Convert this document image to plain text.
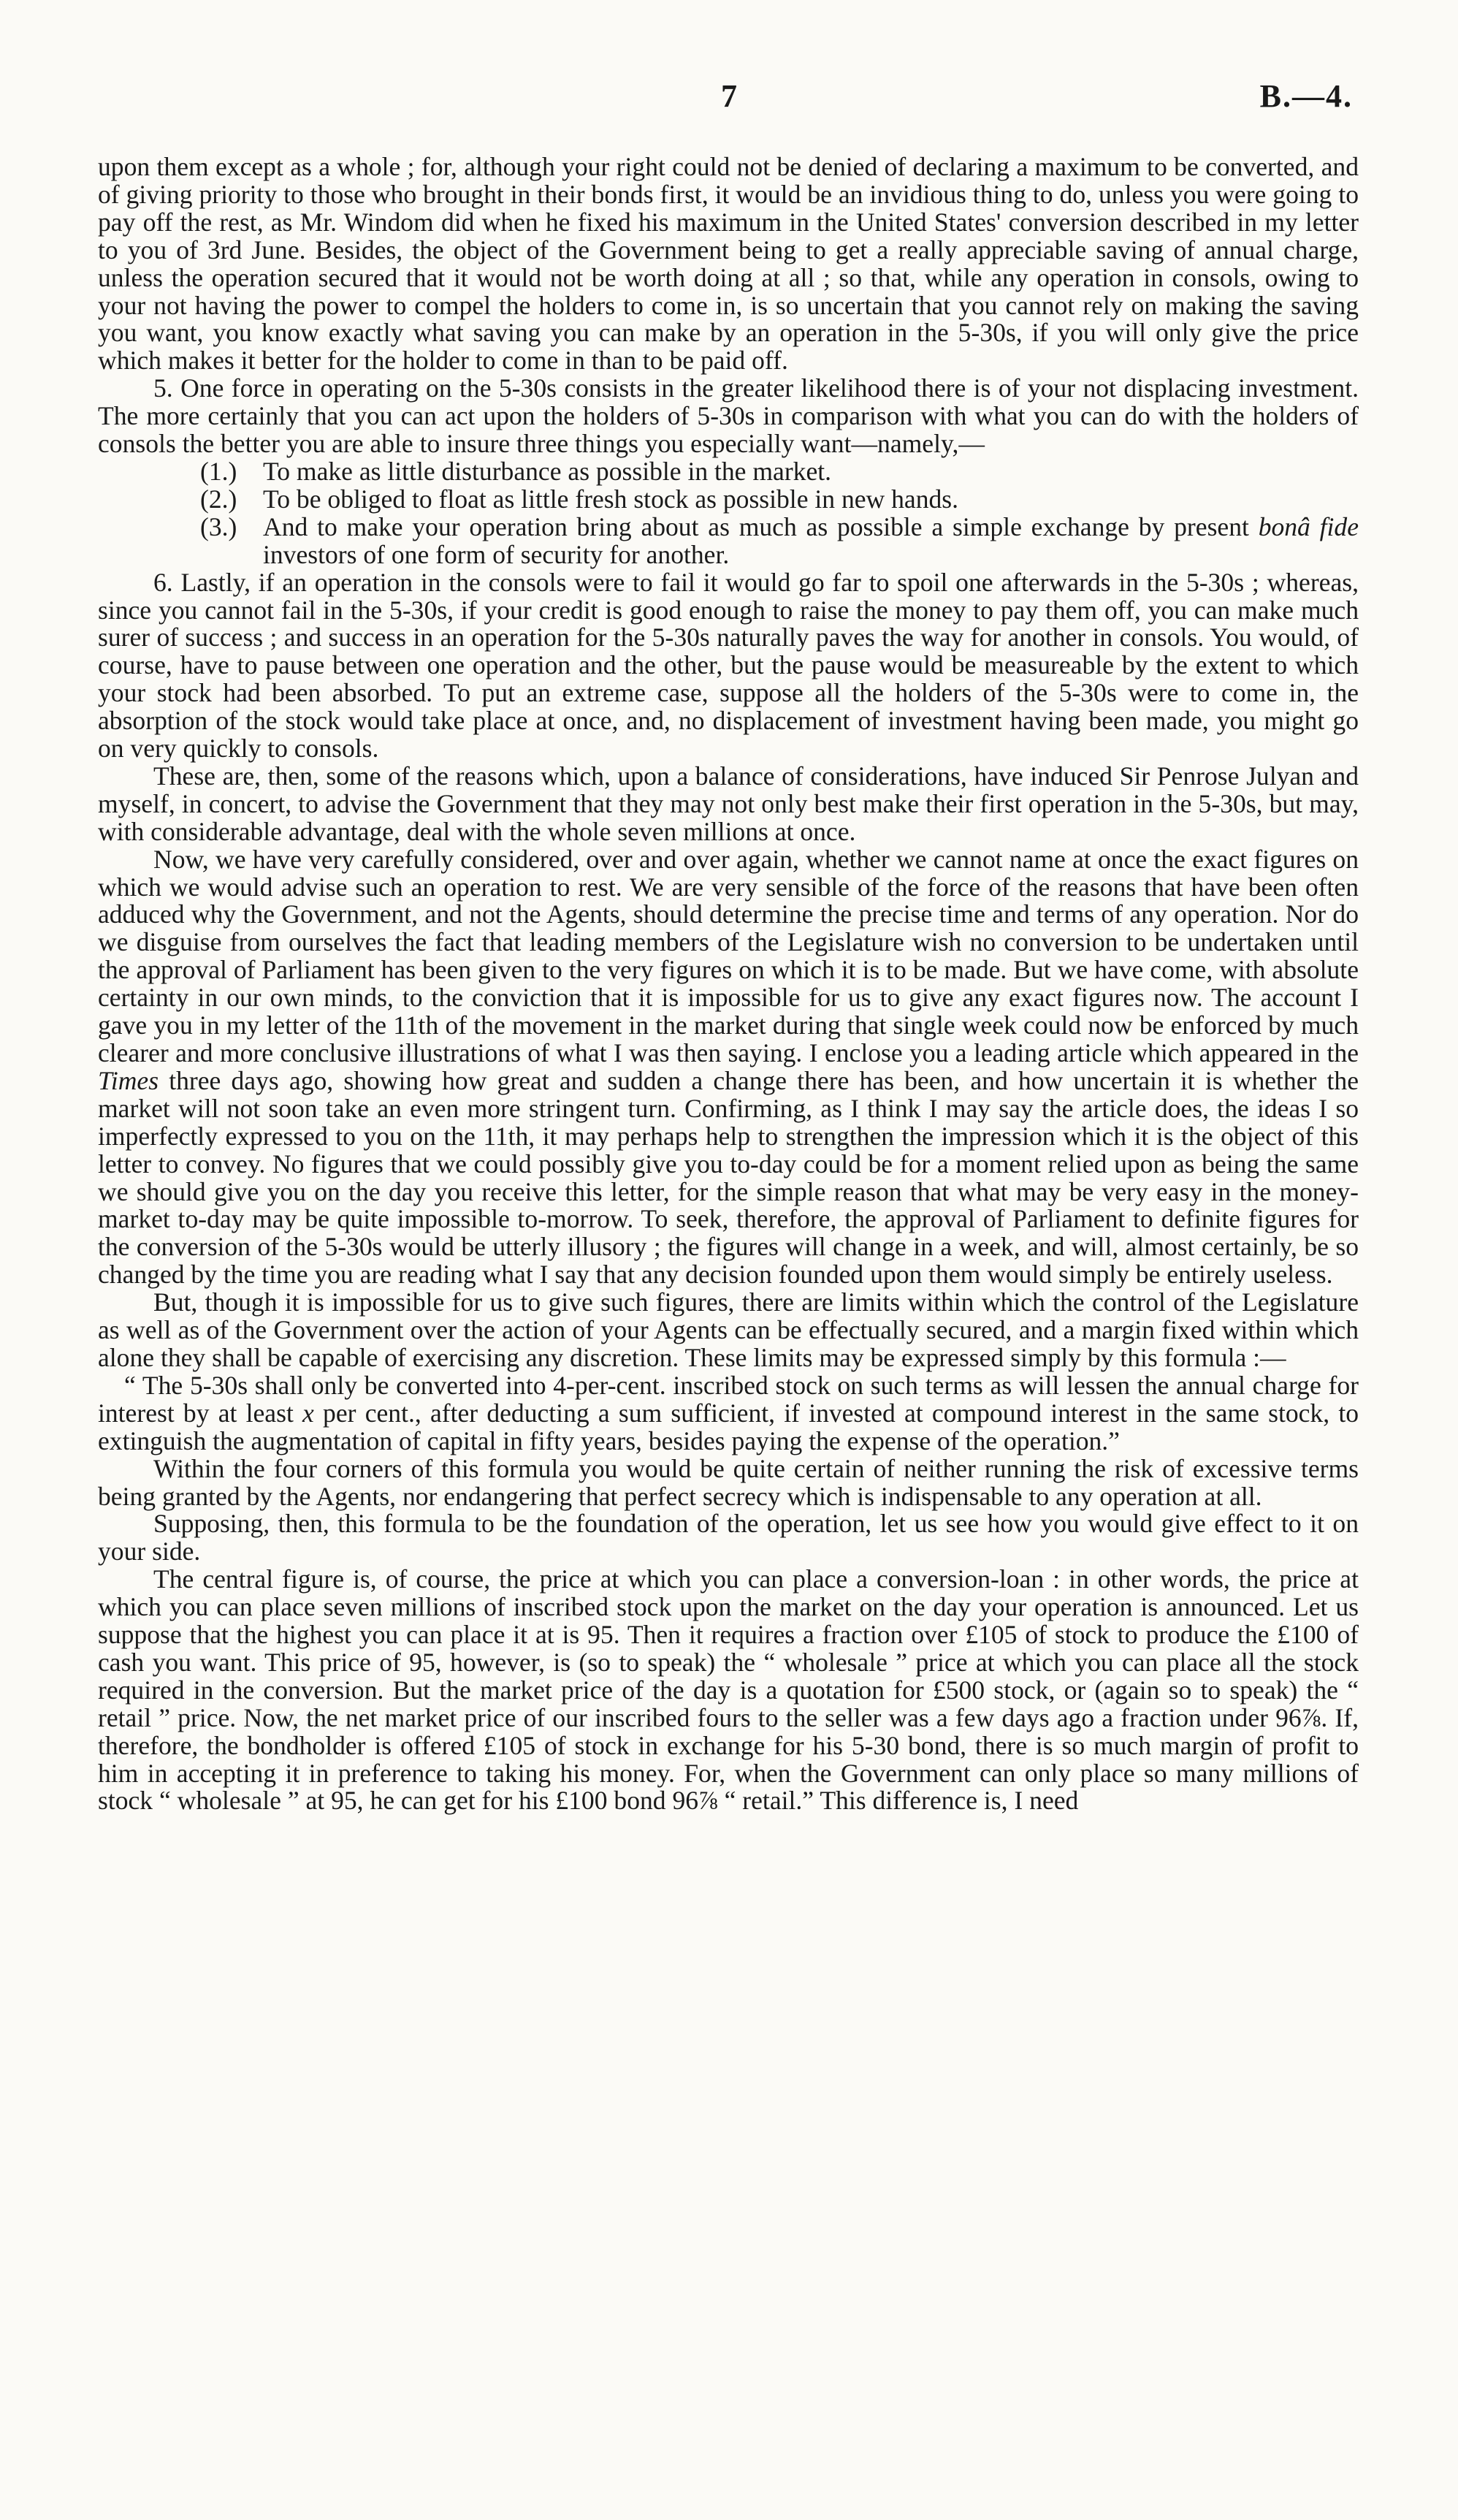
7	B.—4.

upon them except as a whole ; for, although your right could not be denied of declaring a maximum to be converted, and of giving priority to those who brought in their bonds first, it would be an invidious thing to do, unless you were going to pay off the rest, as Mr. Windom did when he fixed his maximum in the United States' conversion described in my letter to you of 3rd June. Besides, the object of the Government being to get a really appreciable saving of annual charge, unless the operation secured that it would not be worth doing at all ; so that, while any operation in consols, owing to your not having the power to compel the holders to come in, is so uncertain that you cannot rely on making the saving you want, you know exactly what saving you can make by an operation in the 5-30s, if you will only give the price which makes it better for the holder to come in than to be paid off.

5. One force in operating on the 5-30s consists in the greater likelihood there is of your not displacing investment. The more certainly that you can act upon the holders of 5-30s in comparison with what you can do with the holders of consols the better you are able to insure three things you especially want—namely,—

(1.) To make as little disturbance as possible in the market.
(2.) To be obliged to float as little fresh stock as possible in new hands.
(3.) And to make your operation bring about as much as possible a simple exchange by present bonâ fide investors of one form of security for another.

6. Lastly, if an operation in the consols were to fail it would go far to spoil one afterwards in the 5-30s ; whereas, since you cannot fail in the 5-30s, if your credit is good enough to raise the money to pay them off, you can make much surer of success ; and success in an operation for the 5-30s naturally paves the way for another in consols. You would, of course, have to pause between one operation and the other, but the pause would be measureable by the extent to which your stock had been absorbed. To put an extreme case, suppose all the holders of the 5-30s were to come in, the absorption of the stock would take place at once, and, no displacement of investment having been made, you might go on very quickly to consols.

These are, then, some of the reasons which, upon a balance of considerations, have induced Sir Penrose Julyan and myself, in concert, to advise the Government that they may not only best make their first operation in the 5-30s, but may, with considerable advantage, deal with the whole seven millions at once.

Now, we have very carefully considered, over and over again, whether we cannot name at once the exact figures on which we would advise such an operation to rest. We are very sensible of the force of the reasons that have been often adduced why the Government, and not the Agents, should determine the precise time and terms of any operation. Nor do we disguise from ourselves the fact that leading members of the Legislature wish no conversion to be undertaken until the approval of Parliament has been given to the very figures on which it is to be made. But we have come, with absolute certainty in our own minds, to the conviction that it is impossible for us to give any exact figures now. The account I gave you in my letter of the 11th of the movement in the market during that single week could now be enforced by much clearer and more conclusive illustrations of what I was then saying. I enclose you a leading article which appeared in the Times three days ago, showing how great and sudden a change there has been, and how uncertain it is whether the market will not soon take an even more stringent turn. Confirming, as I think I may say the article does, the ideas I so imperfectly expressed to you on the 11th, it may perhaps help to strengthen the impression which it is the object of this letter to convey. No figures that we could possibly give you to-day could be for a moment relied upon as being the same we should give you on the day you receive this letter, for the simple reason that what may be very easy in the money-market to-day may be quite impossible to-morrow. To seek, therefore, the approval of Parliament to definite figures for the conversion of the 5-30s would be utterly illusory ; the figures will change in a week, and will, almost certainly, be so changed by the time you are reading what I say that any decision founded upon them would simply be entirely useless.

But, though it is impossible for us to give such figures, there are limits within which the control of the Legislature as well as of the Government over the action of your Agents can be effectually secured, and a margin fixed within which alone they shall be capable of exercising any discretion. These limits may be expressed simply by this formula :—

“ The 5-30s shall only be converted into 4-per-cent. inscribed stock on such terms as will lessen the annual charge for interest by at least x per cent., after deducting a sum sufficient, if invested at compound interest in the same stock, to extinguish the augmentation of capital in fifty years, besides paying the expense of the operation.”

Within the four corners of this formula you would be quite certain of neither running the risk of excessive terms being granted by the Agents, nor endangering that perfect secrecy which is indispensable to any operation at all.

Supposing, then, this formula to be the foundation of the operation, let us see how you would give effect to it on your side.

The central figure is, of course, the price at which you can place a conversion-loan : in other words, the price at which you can place seven millions of inscribed stock upon the market on the day your operation is announced. Let us suppose that the highest you can place it at is 95. Then it requires a fraction over £105 of stock to produce the £100 of cash you want. This price of 95, however, is (so to speak) the “ wholesale ” price at which you can place all the stock required in the conversion. But the market price of the day is a quotation for £500 stock, or (again so to speak) the “ retail ” price. Now, the net market price of our inscribed fours to the seller was a few days ago a fraction under 96⅞. If, therefore, the bondholder is offered £105 of stock in exchange for his 5-30 bond, there is so much margin of profit to him in accepting it in preference to taking his money. For, when the Government can only place so many millions of stock “ wholesale ” at 95, he can get for his £100 bond 96⅞ “ retail.” This difference is, I need
